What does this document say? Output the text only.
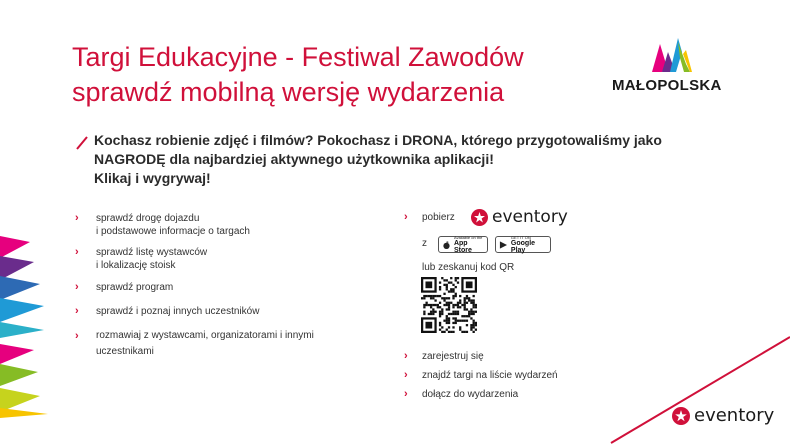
Targi Edukacyjne - Festiwal Zawodów
sprawdź mobilną wersję wydarzenia	MAŁOPOLSKA
Kochasz robienie zdjęć i filmów? Pokochasz i DRONA, którego przygotowaliśmy jako
NAGRODĘ dla najbardziej aktywnego użytkownika aplikacji!
Klikaj i wygrywaj!
› sprawdź drogę dojazdu
i podstawowe informacje o targach
› sprawdź listę wystawców
i lokalizację stoisk
› sprawdź program
› sprawdź i poznaj innych uczestników
› rozmawiaj z wystawcami, organizatorami i innymi
uczestnikami
› pobierz eventory
z
Available on the
App Store
GET IT ON
Google Play
lub zeskanuj kod QR
› zarejestruj się
› znajdź targi na liście wydarzeń
› dołącz do wydarzenia
eventory
